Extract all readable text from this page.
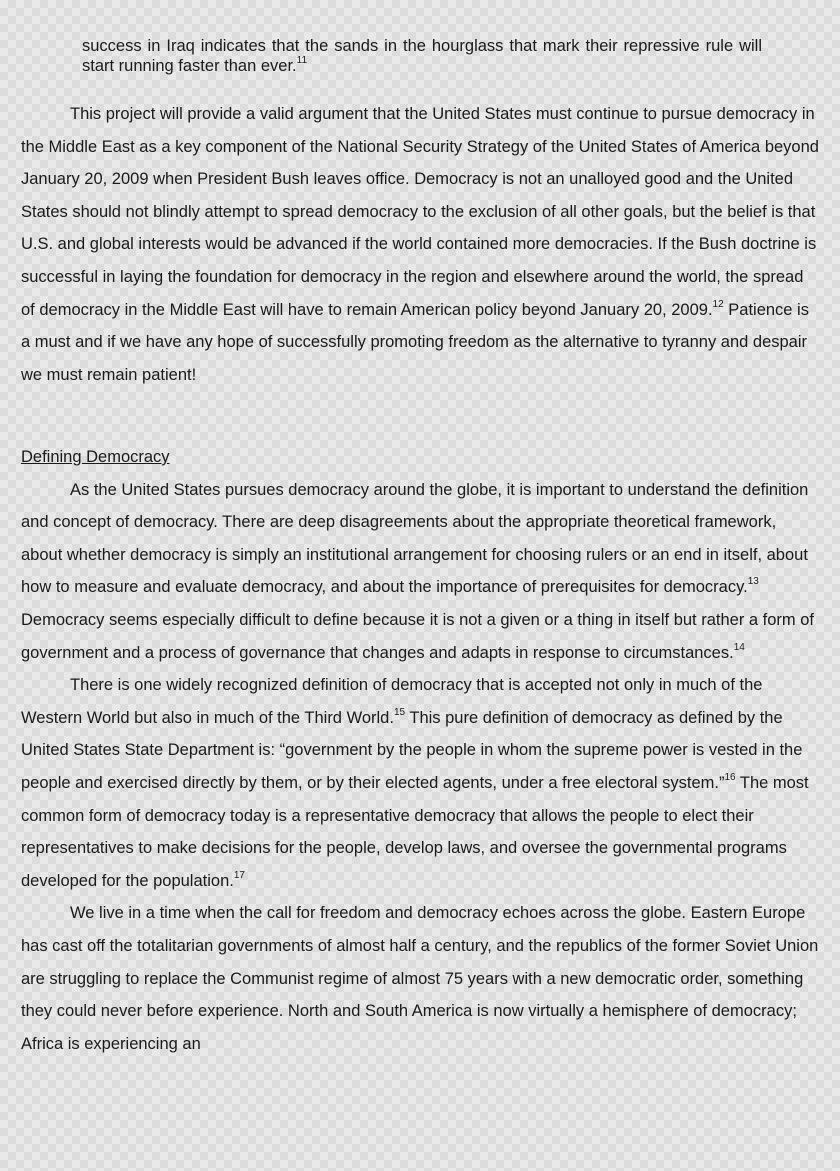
success in Iraq indicates that the sands in the hourglass that mark their repressive rule will start running faster than ever.$^{11}$

This project will provide a valid argument that the United States must continue to pursue democracy in the Middle East as a key component of the National Security Strategy of the United States of America beyond January 20, 2009 when President Bush leaves office. Democracy is not an unalloyed good and the United States should not blindly attempt to spread democracy to the exclusion of all other goals, but the belief is that U.S. and global interests would be advanced if the world contained more democracies. If the Bush doctrine is successful in laying the foundation for democracy in the region and elsewhere around the world, the spread of democracy in the Middle East will have to remain American policy beyond January 20, 2009.12 Patience is a must and if we have any hope of successfully promoting freedom as the alternative to tyranny and despair we must remain patient!

Defining Democracy

As the United States pursues democracy around the globe, it is important to understand the definition and concept of democracy. There are deep disagreements about the appropriate theoretical framework, about whether democracy is simply an institutional arrangement for choosing rulers or an end in itself, about how to measure and evaluate democracy, and about the importance of prerequisites for democracy.$^{13}$ Democracy seems especially difficult to define because it is not a given or a thing in itself but rather a form of government and a process of governance that changes and adapts in response to circumstances.$^{14}$

There is one widely recognized definition of democracy that is accepted not only in much of the Western World but also in much of the Third World.$^{15}$ This pure definition of democracy as defined by the United States State Department is: “government by the people in whom the supreme power is vested in the people and exercised directly by them, or by their elected agents, under a free electoral system.”$^{16}$ The most common form of democracy today is a representative democracy that allows the people to elect their representatives to make decisions for the people, develop laws, and oversee the governmental programs developed for the population.$^{17}$

We live in a time when the call for freedom and democracy echoes across the globe. Eastern Europe has cast off the totalitarian governments of almost half a century, and the republics of the former Soviet Union are struggling to replace the Communist regime of almost 75 years with a new democratic order, something they could never before experience. North and South America is now virtually a hemisphere of democracy; Africa is experiencing an
